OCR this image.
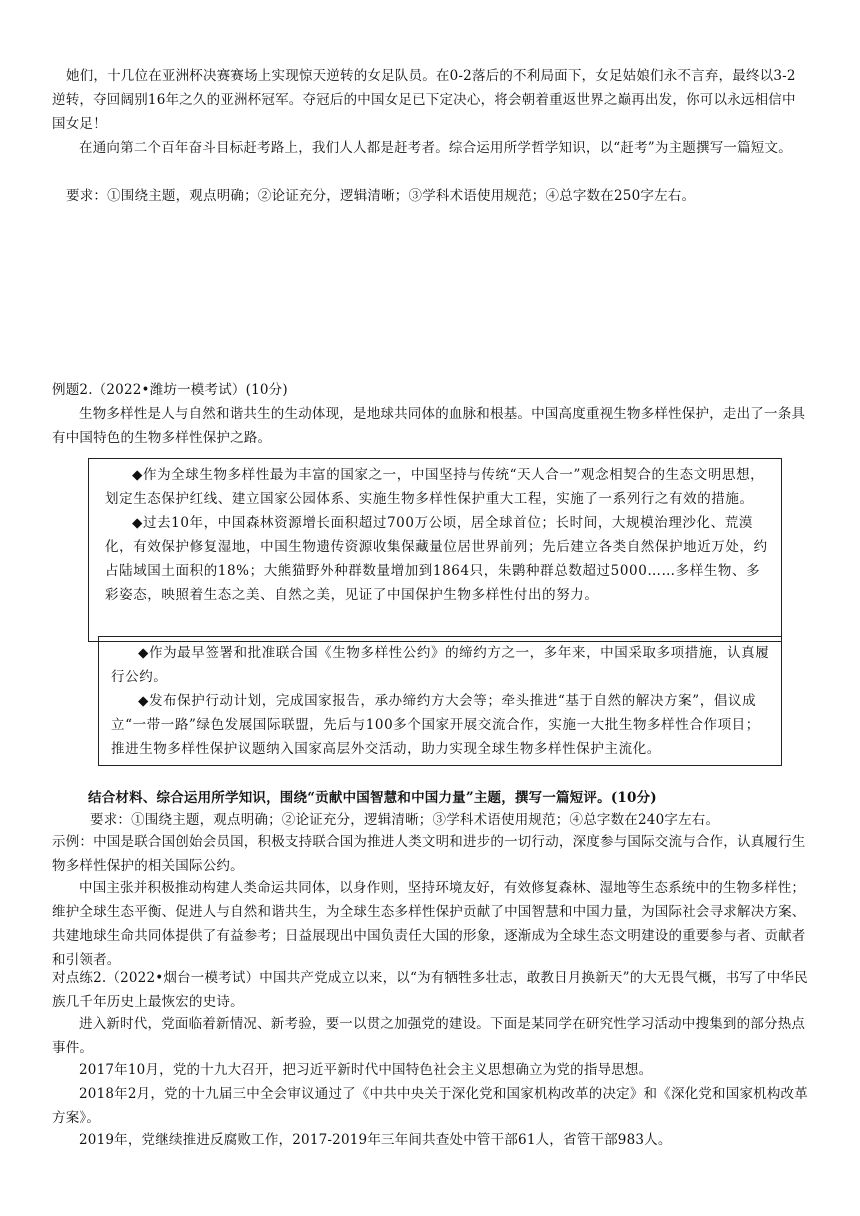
她们，十几位在亚洲杯决赛赛场上实现惊天逆转的女足队员。在0-2落后的不利局面下，女足姑娘们永不言弃，最终以3-2逆转，夺回阔别16年之久的亚洲杯冠军。夺冠后的中国女足已下定决心，将会朝着重返世界之巅再出发，你可以永远相信中国女足！

在通向第二个百年奋斗目标赶考路上，我们人人都是赶考者。综合运用所学哲学知识，以“赶考”为主题撰写一篇短文。

要求：①围绕主题，观点明确；②论证充分，逻辑清晰；③学科术语使用规范；④总字数在250字左右。

例题2.（2022•潍坊一模考试）(10分)

生物多样性是人与自然和谐共生的生动体现，是地球共同体的血脉和根基。中国高度重视生物多样性保护，走出了一条具有中国特色的生物多样性保护之路。

◆作为全球生物多样性最为丰富的国家之一，中国坚持与传统“天人合一”观念相契合的生态文明思想，划定生态保护红线、建立国家公园体系、实施生物多样性保护重大工程，实施了一系列行之有效的措施。

◆过去10年，中国森林资源增长面积超过700万公顷，居全球首位；长时间，大规模治理沙化、荒漠化，有效保护修复湿地，中国生物遗传资源收集保藏量位居世界前列；先后建立各类自然保护地近万处，约占陆域国土面积的18%；大熊猫野外种群数量增加到1864只，朱鹮种群总数超过5000……多样生物、多彩姿态，映照着生态之美、自然之美，见证了中国保护生物多样性付出的努力。

◆作为最早签署和批准联合国《生物多样性公约》的缔约方之一，多年来，中国采取多项措施，认真履行公约。

◆发布保护行动计划，完成国家报告，承办缔约方大会等；牵头推进“基于自然的解决方案”，倡议成立“一带一路”绿色发展国际联盟，先后与100多个国家开展交流合作，实施一大批生物多样性合作项目；推进生物多样性保护议题纳入国家高层外交活动，助力实现全球生物多样性保护主流化。

结合材料、综合运用所学知识，围绕“贡献中国智慧和中国力量”主题，撰写一篇短评。(10分)

要求：①围绕主题，观点明确；②论证充分，逻辑清晰；③学科术语使用规范；④总字数在240字左右。

示例：中国是联合国创始会员国，积极支持联合国为推进人类文明和进步的一切行动，深度参与国际交流与合作，认真履行生物多样性保护的相关国际公约。

中国主张并积极推动构建人类命运共同体，以身作则，坚持环境友好，有效修复森林、湿地等生态系统中的生物多样性；维护全球生态平衡、促进人与自然和谐共生，为全球生态多样性保护贡献了中国智慧和中国力量，为国际社会寻求解决方案、共建地球生命共同体提供了有益参考；日益展现出中国负责任大国的形象，逐渐成为全球生态文明建设的重要参与者、贡献者和引领者。

对点练2.（2022•烟台一模考试）中国共产党成立以来，以“为有牺牲多壮志，敢教日月换新天”的大无畏气概，书写了中华民族几千年历史上最恢宏的史诗。

进入新时代，党面临着新情况、新考验，要一以贯之加强党的建设。下面是某同学在研究性学习活动中搜集到的部分热点事件。

2017年10月，党的十九大召开，把习近平新时代中国特色社会主义思想确立为党的指导思想。

2018年2月，党的十九届三中全会审议通过了《中共中央关于深化党和国家机构改革的决定》和《深化党和国家机构改革方案》。

2019年，党继续推进反腐败工作，2017-2019年三年间共查处中管干部61人，省管干部983人。
